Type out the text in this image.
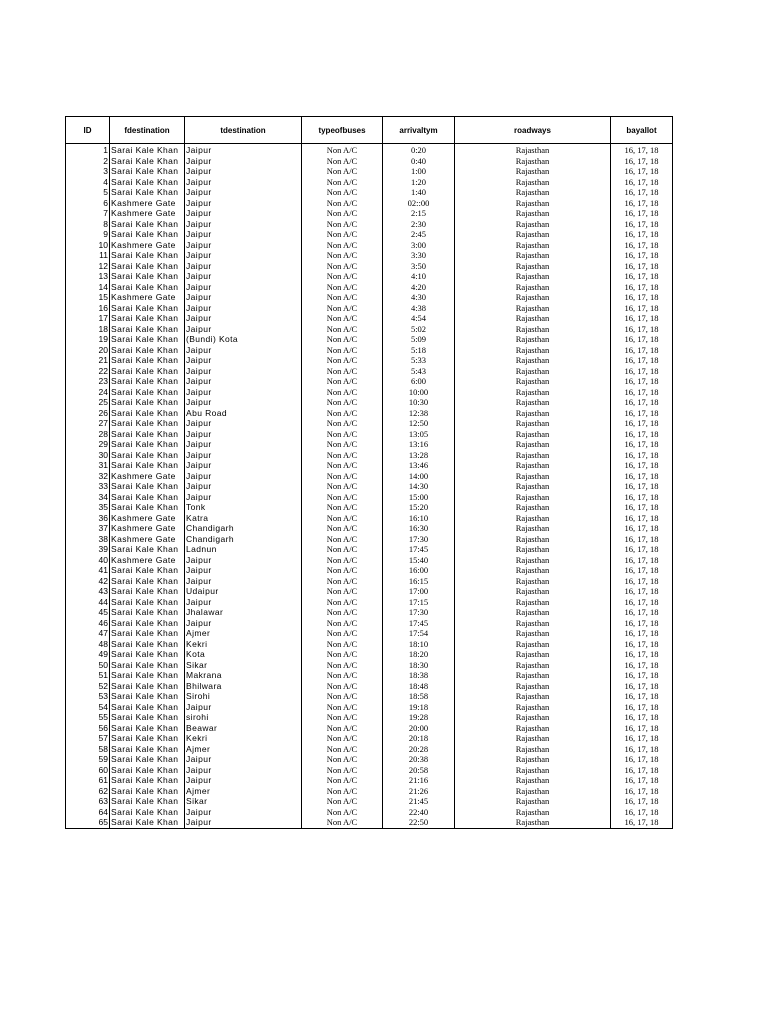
ID	fdestination	tdestination	typeofbuses	arrivaltym	roadways	bayallot
1	Sarai Kale Khan	Jaipur	Non A/C	0:20	Rajasthan	16, 17, 18
2	Sarai Kale Khan	Jaipur	Non A/C	0:40	Rajasthan	16, 17, 18
3	Sarai Kale Khan	Jaipur	Non A/C	1:00	Rajasthan	16, 17, 18
4	Sarai Kale Khan	Jaipur	Non A/C	1:20	Rajasthan	16, 17, 18
5	Sarai Kale Khan	Jaipur	Non A/C	1:40	Rajasthan	16, 17, 18
6	Kashmere Gate	Jaipur	Non A/C	02::00	Rajasthan	16, 17, 18
7	Kashmere Gate	Jaipur	Non A/C	2:15	Rajasthan	16, 17, 18
8	Sarai Kale Khan	Jaipur	Non A/C	2:30	Rajasthan	16, 17, 18
9	Sarai Kale Khan	Jaipur	Non A/C	2:45	Rajasthan	16, 17, 18
10	Kashmere Gate	Jaipur	Non A/C	3:00	Rajasthan	16, 17, 18
11	Sarai Kale Khan	Jaipur	Non A/C	3:30	Rajasthan	16, 17, 18
12	Sarai Kale Khan	Jaipur	Non A/C	3:50	Rajasthan	16, 17, 18
13	Sarai Kale Khan	Jaipur	Non A/C	4:10	Rajasthan	16, 17, 18
14	Sarai Kale Khan	Jaipur	Non A/C	4:20	Rajasthan	16, 17, 18
15	Kashmere Gate	Jaipur	Non A/C	4:30	Rajasthan	16, 17, 18
16	Sarai Kale Khan	Jaipur	Non A/C	4:38	Rajasthan	16, 17, 18
17	Sarai Kale Khan	Jaipur	Non A/C	4:54	Rajasthan	16, 17, 18
18	Sarai Kale Khan	Jaipur	Non A/C	5:02	Rajasthan	16, 17, 18
19	Sarai Kale Khan	(Bundi) Kota	Non A/C	5:09	Rajasthan	16, 17, 18
20	Sarai Kale Khan	Jaipur	Non A/C	5:18	Rajasthan	16, 17, 18
21	Sarai Kale Khan	Jaipur	Non A/C	5:33	Rajasthan	16, 17, 18
22	Sarai Kale Khan	Jaipur	Non A/C	5:43	Rajasthan	16, 17, 18
23	Sarai Kale Khan	Jaipur	Non A/C	6:00	Rajasthan	16, 17, 18
24	Sarai Kale Khan	Jaipur	Non A/C	10:00	Rajasthan	16, 17, 18
25	Sarai Kale Khan	Jaipur	Non A/C	10:30	Rajasthan	16, 17, 18
26	Sarai Kale Khan	Abu Road	Non A/C	12:38	Rajasthan	16, 17, 18
27	Sarai Kale Khan	Jaipur	Non A/C	12:50	Rajasthan	16, 17, 18
28	Sarai Kale Khan	Jaipur	Non A/C	13:05	Rajasthan	16, 17, 18
29	Sarai Kale Khan	Jaipur	Non A/C	13:16	Rajasthan	16, 17, 18
30	Sarai Kale Khan	Jaipur	Non A/C	13:28	Rajasthan	16, 17, 18
31	Sarai Kale Khan	Jaipur	Non A/C	13:46	Rajasthan	16, 17, 18
32	Kashmere Gate	Jaipur	Non A/C	14:00	Rajasthan	16, 17, 18
33	Sarai Kale Khan	Jaipur	Non A/C	14:30	Rajasthan	16, 17, 18
34	Sarai Kale Khan	Jaipur	Non A/C	15:00	Rajasthan	16, 17, 18
35	Sarai Kale Khan	Tonk	Non A/C	15:20	Rajasthan	16, 17, 18
36	Kashmere Gate	Katra	Non A/C	16:10	Rajasthan	16, 17, 18
37	Kashmere Gate	Chandigarh	Non A/C	16:30	Rajasthan	16, 17, 18
38	Kashmere Gate	Chandigarh	Non A/C	17:30	Rajasthan	16, 17, 18
39	Sarai Kale Khan	Ladnun	Non A/C	17:45	Rajasthan	16, 17, 18
40	Kashmere Gate	Jaipur	Non A/C	15:40	Rajasthan	16, 17, 18
41	Sarai Kale Khan	Jaipur	Non A/C	16:00	Rajasthan	16, 17, 18
42	Sarai Kale Khan	Jaipur	Non A/C	16:15	Rajasthan	16, 17, 18
43	Sarai Kale Khan	Udaipur	Non A/C	17:00	Rajasthan	16, 17, 18
44	Sarai Kale Khan	Jaipur	Non A/C	17:15	Rajasthan	16, 17, 18
45	Sarai Kale Khan	Jhalawar	Non A/C	17:30	Rajasthan	16, 17, 18
46	Sarai Kale Khan	Jaipur	Non A/C	17:45	Rajasthan	16, 17, 18
47	Sarai Kale Khan	Ajmer	Non A/C	17:54	Rajasthan	16, 17, 18
48	Sarai Kale Khan	Kekri	Non A/C	18:10	Rajasthan	16, 17, 18
49	Sarai Kale Khan	Kota	Non A/C	18:20	Rajasthan	16, 17, 18
50	Sarai Kale Khan	Sikar	Non A/C	18:30	Rajasthan	16, 17, 18
51	Sarai Kale Khan	Makrana	Non A/C	18:38	Rajasthan	16, 17, 18
52	Sarai Kale Khan	Bhilwara	Non A/C	18:48	Rajasthan	16, 17, 18
53	Sarai Kale Khan	Sirohi	Non A/C	18:58	Rajasthan	16, 17, 18
54	Sarai Kale Khan	Jaipur	Non A/C	19:18	Rajasthan	16, 17, 18
55	Sarai Kale Khan	sirohi	Non A/C	19:28	Rajasthan	16, 17, 18
56	Sarai Kale Khan	Beawar	Non A/C	20:00	Rajasthan	16, 17, 18
57	Sarai Kale Khan	Kekri	Non A/C	20:18	Rajasthan	16, 17, 18
58	Sarai Kale Khan	Ajmer	Non A/C	20:28	Rajasthan	16, 17, 18
59	Sarai Kale Khan	Jaipur	Non A/C	20:38	Rajasthan	16, 17, 18
60	Sarai Kale Khan	Jaipur	Non A/C	20:58	Rajasthan	16, 17, 18
61	Sarai Kale Khan	Jaipur	Non A/C	21:16	Rajasthan	16, 17, 18
62	Sarai Kale Khan	Ajmer	Non A/C	21:26	Rajasthan	16, 17, 18
63	Sarai Kale Khan	Sikar	Non A/C	21:45	Rajasthan	16, 17, 18
64	Sarai Kale Khan	Jaipur	Non A/C	22:40	Rajasthan	16, 17, 18
65	Sarai Kale Khan	Jaipur	Non A/C	22:50	Rajasthan	16, 17, 18
